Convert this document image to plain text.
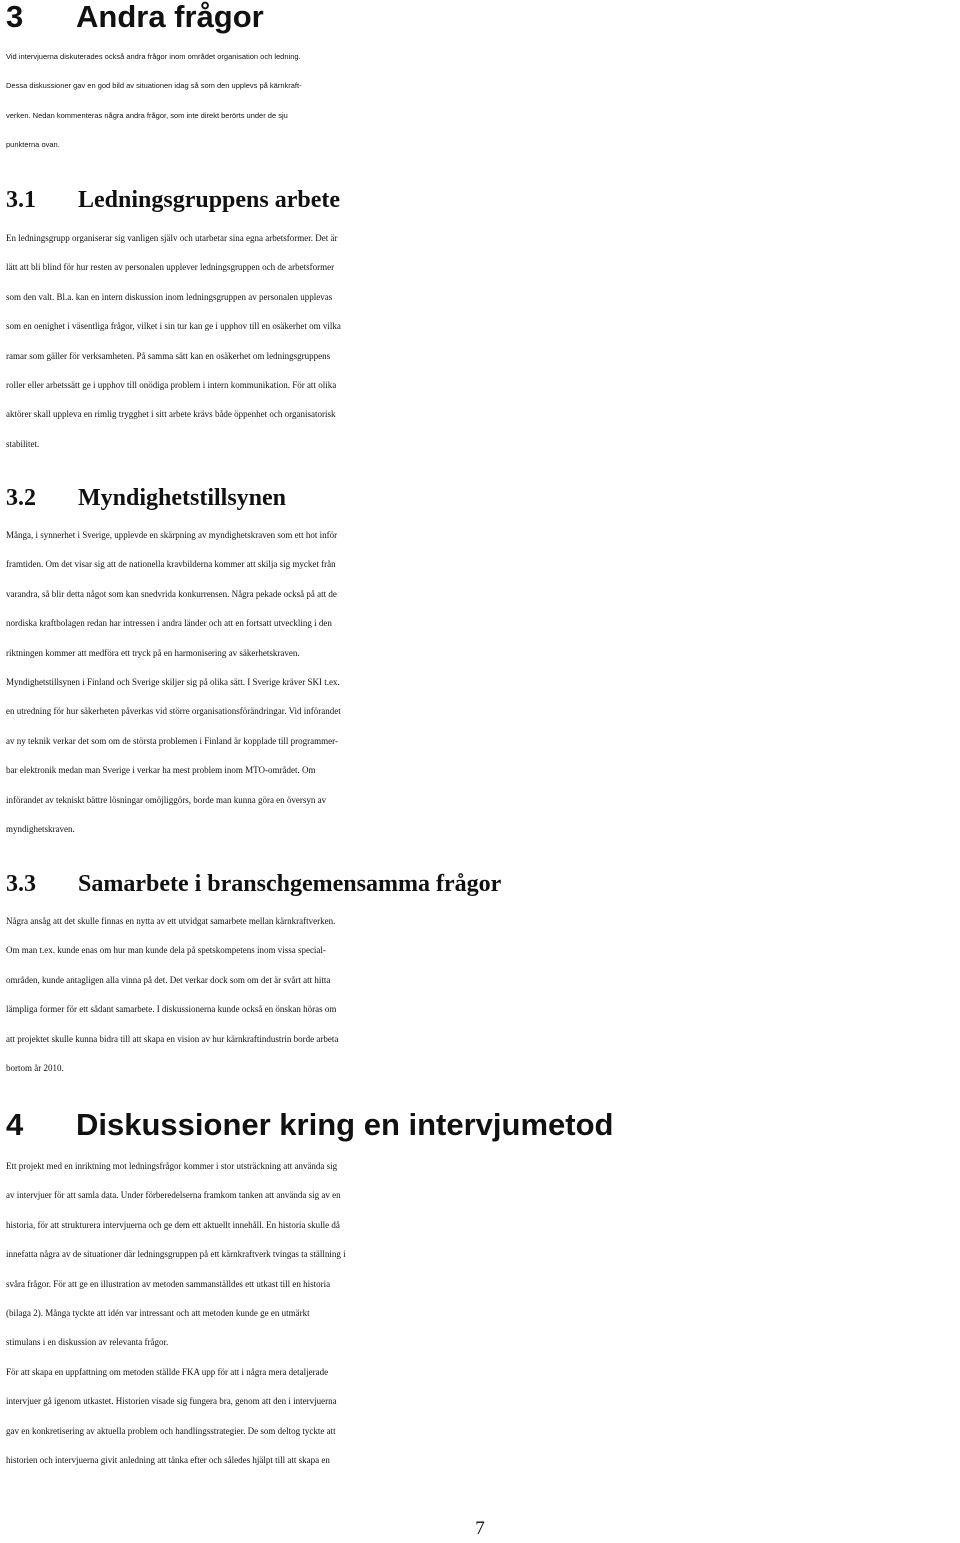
3 Andra frågor
Vid intervjuerna diskuterades också andra frågor inom området organisation och ledning.
Dessa diskussioner gav en god bild av situationen idag så som den upplevs på kärnkraft-
verken. Nedan kommenteras några andra frågor, som inte direkt berörts under de sju
punkterna ovan.
3.1 Ledningsgruppens arbete
En ledningsgrupp organiserar sig vanligen själv och utarbetar sina egna arbetsformer. Det är
lätt att bli blind för hur resten av personalen upplever ledningsgruppen och de arbetsformer
som den valt. Bl.a. kan en intern diskussion inom ledningsgruppen av personalen upplevas
som en oenighet i väsentliga frågor, vilket i sin tur kan ge i upphov till en osäkerhet om vilka
ramar som gäller för verksamheten. På samma sätt kan en osäkerhet om ledningsgruppens
roller eller arbetssätt ge i upphov till onödiga problem i intern kommunikation. För att olika
aktörer skall uppleva en rimlig trygghet i sitt arbete krävs både öppenhet och organisatorisk
stabilitet.
3.2 Myndighetstillsynen
Många, i synnerhet i Sverige, upplevde en skärpning av myndighetskraven som ett hot inför
framtiden. Om det visar sig att de nationella kravbilderna kommer att skilja sig mycket från
varandra, så blir detta något som kan snedvrida konkurrensen. Några pekade också på att de
nordiska kraftbolagen redan har intressen i andra länder och att en fortsatt utveckling i den
riktningen kommer att medföra ett tryck på en harmonisering av säkerhetskraven.
Myndighetstillsynen i Finland och Sverige skiljer sig på olika sätt. I Sverige kräver SKI t.ex.
en utredning för hur säkerheten påverkas vid större organisationsförändringar. Vid införandet
av ny teknik verkar det som om de största problemen i Finland är kopplade till programmer-
bar elektronik medan man Sverige i verkar ha mest problem inom MTO-området. Om
införandet av tekniskt bättre lösningar omöjliggörs, borde man kunna göra en översyn av
myndighetskraven.
3.3 Samarbete i branschgemensamma frågor
Några ansåg att det skulle finnas en nytta av ett utvidgat samarbete mellan kärnkraftverken.
Om man t.ex. kunde enas om hur man kunde dela på spetskompetens inom vissa special-
områden, kunde antagligen alla vinna på det. Det verkar dock som om det är svårt att hitta
lämpliga former för ett sådant samarbete. I diskussionerna kunde också en önskan höras om
att projektet skulle kunna bidra till att skapa en vision av hur kärnkraftindustrin borde arbeta
bortom år 2010.
4 Diskussioner kring en intervjumetod
Ett projekt med en inriktning mot ledningsfrågor kommer i stor utsträckning att använda sig
av intervjuer för att samla data. Under förberedelserna framkom tanken att använda sig av en
historia, för att strukturera intervjuerna och ge dem ett aktuellt innehåll. En historia skulle då
innefatta några av de situationer där ledningsgruppen på ett kärnkraftverk tvingas ta ställning i
svåra frågor. För att ge en illustration av metoden sammanställdes ett utkast till en historia
(bilaga 2). Många tyckte att idén var intressant och att metoden kunde ge en utmärkt
stimulans i en diskussion av relevanta frågor.
För att skapa en uppfattning om metoden ställde FKA upp för att i några mera detaljerade
intervjuer gå igenom utkastet. Historien visade sig fungera bra, genom att den i intervjuerna
gav en konkretisering av aktuella problem och handlingsstrategier. De som deltog tyckte att
historien och intervjuerna givit anledning att tänka efter och således hjälpt till att skapa en
7
